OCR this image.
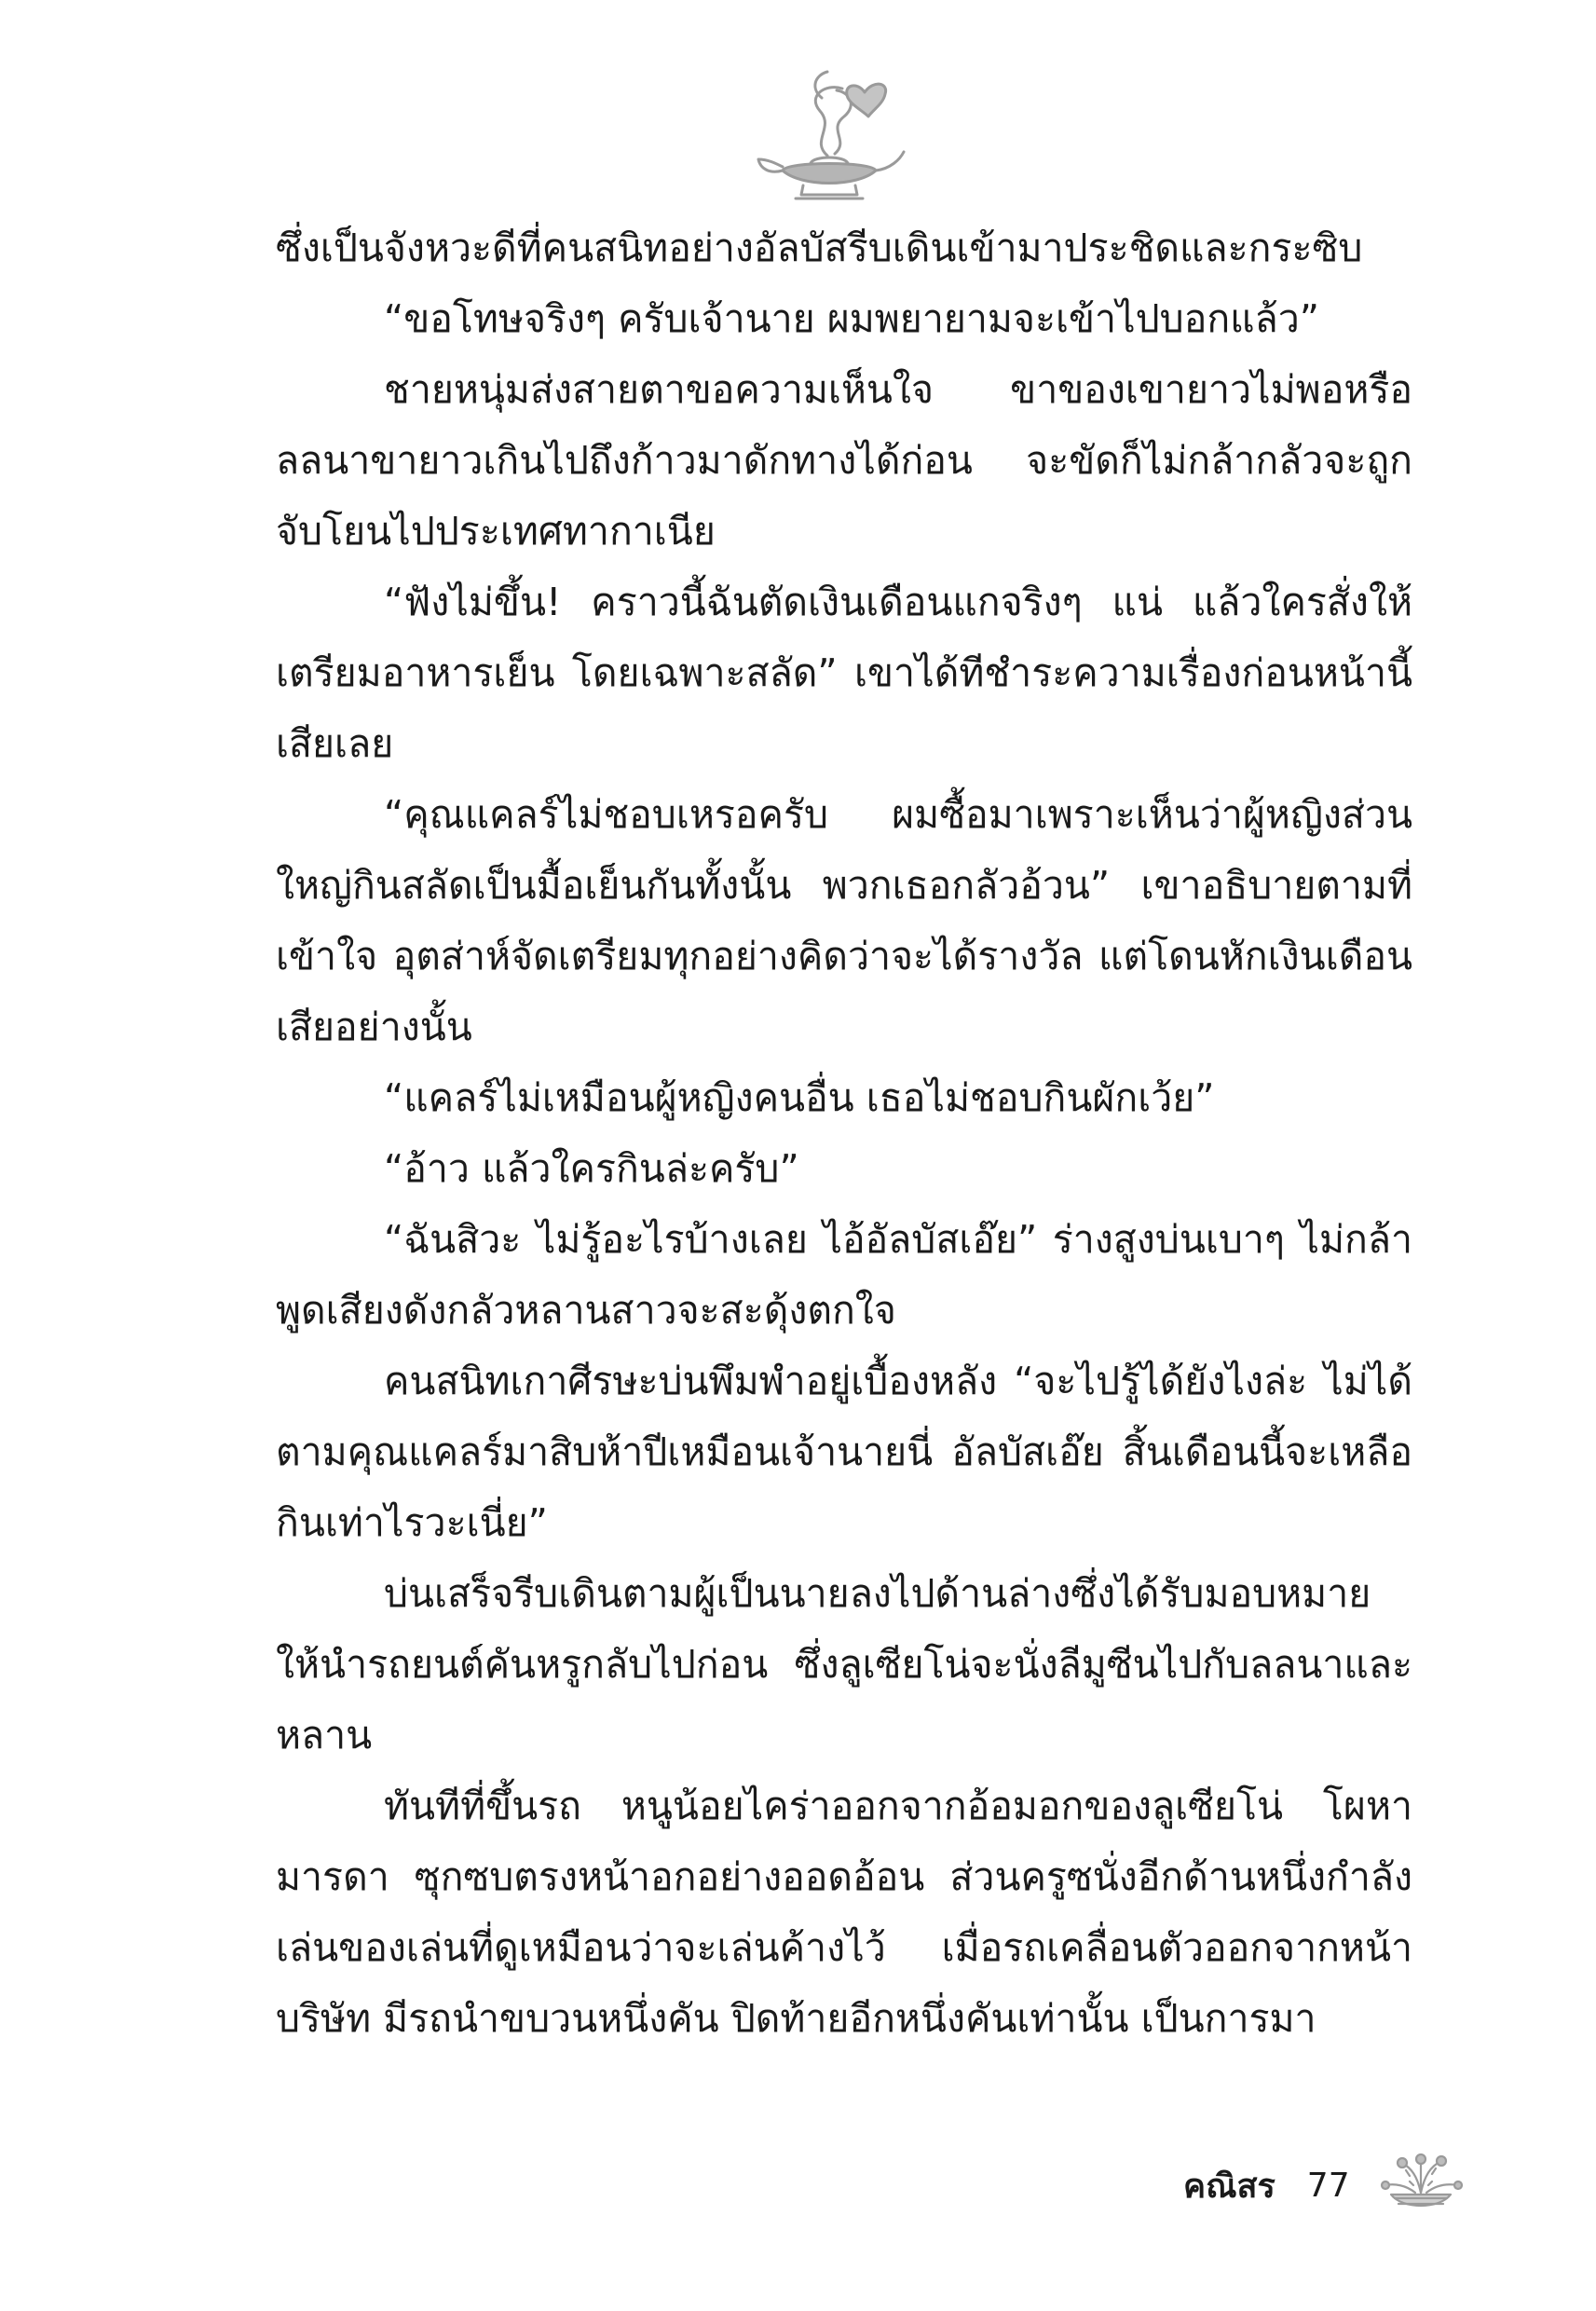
ซึ่งเป็นจังหวะดีที่คนสนิทอย่างอัลบัสรีบเดินเข้ามาประชิดและกระซิบ

“ขอโทษจริงๆ ครับเจ้านาย ผมพยายามจะเข้าไปบอกแล้ว”

ชายหนุ่มส่งสายตาขอความเห็นใจ ขาของเขายาวไม่พอหรือลลนาขายาวเกินไปถึงก้าวมาดักทางได้ก่อน จะขัดก็ไม่กล้ากลัวจะถูกจับโยนไปประเทศทากาเนีย

“ฟังไม่ขึ้น! คราวนี้ฉันตัดเงินเดือนแกจริงๆ แน่ แล้วใครสั่งให้เตรียมอาหารเย็น โดยเฉพาะสลัด” เขาได้ทีชำระความเรื่องก่อนหน้านี้เสียเลย

“คุณแคลร์ไม่ชอบเหรอครับ ผมซื้อมาเพราะเห็นว่าผู้หญิงส่วนใหญ่กินสลัดเป็นมื้อเย็นกันทั้งนั้น พวกเธอกลัวอ้วน” เขาอธิบายตามที่เข้าใจ อุตส่าห์จัดเตรียมทุกอย่างคิดว่าจะได้รางวัล แต่โดนหักเงินเดือนเสียอย่างนั้น

“แคลร์ไม่เหมือนผู้หญิงคนอื่น เธอไม่ชอบกินผักเว้ย”

“อ้าว แล้วใครกินล่ะครับ”

“ฉันสิวะ ไม่รู้อะไรบ้างเลย ไอ้อัลบัสเอ๊ย” ร่างสูงบ่นเบาๆ ไม่กล้าพูดเสียงดังกลัวหลานสาวจะสะดุ้งตกใจ

คนสนิทเกาศีรษะบ่นพึมพำอยู่เบื้องหลัง “จะไปรู้ได้ยังไงล่ะ ไม่ได้ตามคุณแคลร์มาสิบห้าปีเหมือนเจ้านายนี่ อัลบัสเอ๊ย สิ้นเดือนนี้จะเหลือกินเท่าไรวะเนี่ย”

บ่นเสร็จรีบเดินตามผู้เป็นนายลงไปด้านล่างซึ่งได้รับมอบหมายให้นำรถยนต์คันหรูกลับไปก่อน ซึ่งลูเซียโน่จะนั่งลีมูซีนไปกับลลนาและหลาน

ทันทีที่ขึ้นรถ หนูน้อยไคร่าออกจากอ้อมอกของลูเซียโน่ โผหามารดา ซุกซบตรงหน้าอกอย่างออดอ้อน ส่วนครูซนั่งอีกด้านหนึ่งกำลังเล่นของเล่นที่ดูเหมือนว่าจะเล่นค้างไว้ เมื่อรถเคลื่อนตัวออกจากหน้าบริษัท มีรถนำขบวนหนึ่งคัน ปิดท้ายอีกหนึ่งคันเท่านั้น เป็นการมา

คณิสร 77
